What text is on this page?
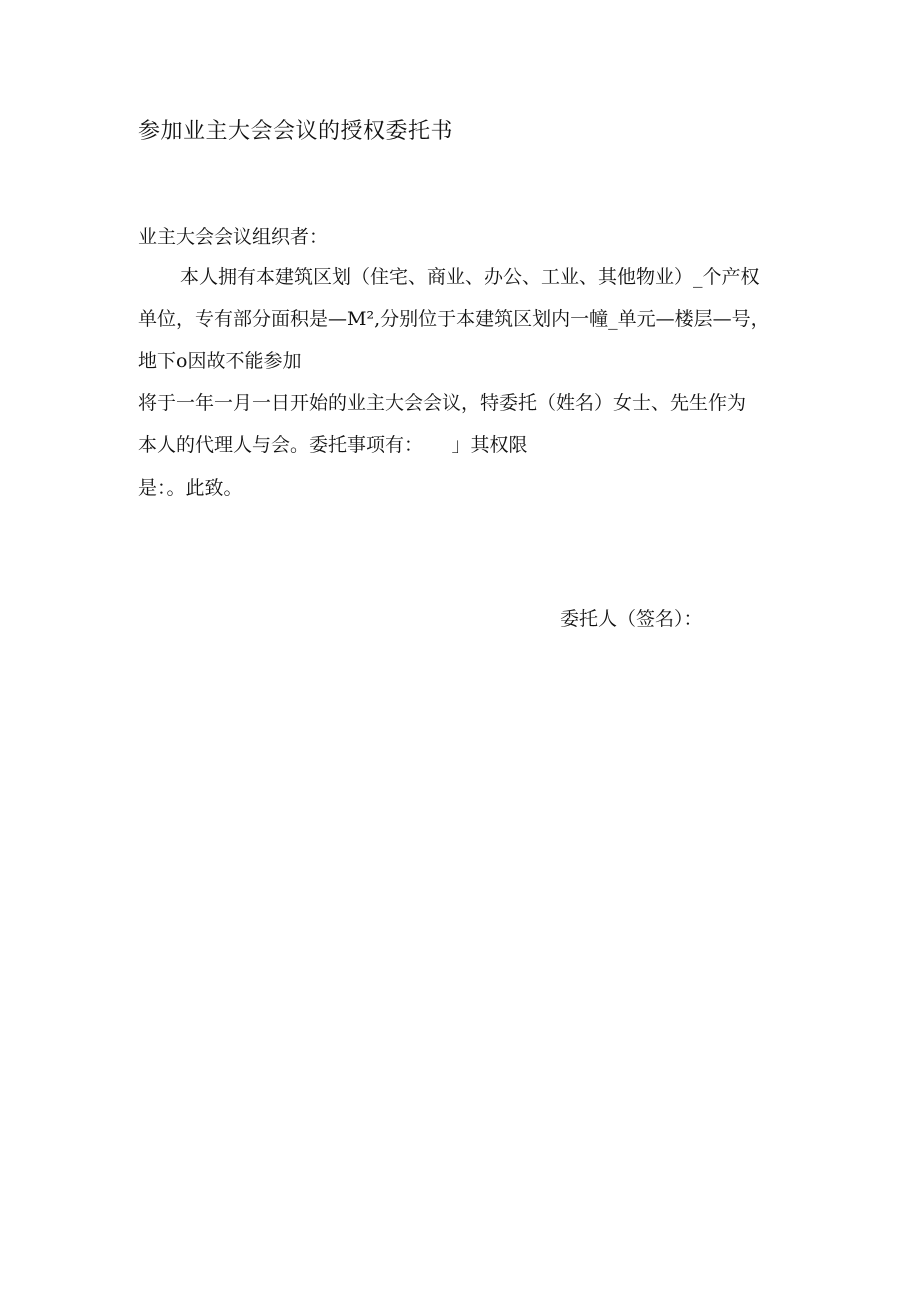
参加业主大会会议的授权委托书
业主大会会议组织者：
本人拥有本建筑区划（住宅、商业、办公、工业、其他物业）_个产权
单位，专有部分面积是—M²,分别位于本建筑区划内一幢_单元—楼层—号，
地下o因故不能参加
将于一年一月一日开始的业主大会会议，特委托（姓名）女士、先生作为
本人的代理人与会。委托事项有：　　」其权限
是：。此致。
委托人（签名）：
